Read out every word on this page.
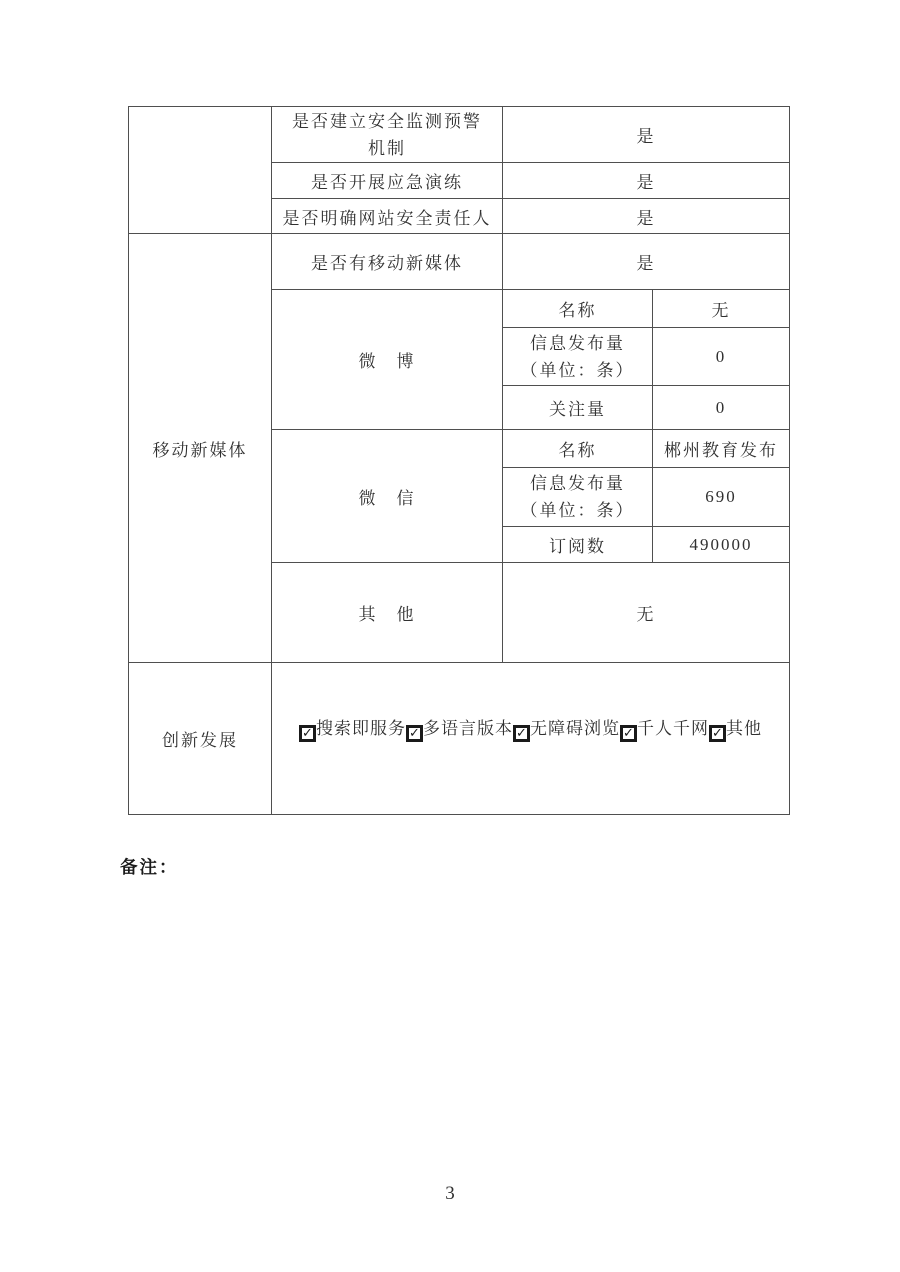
	是否建立安全监测预警
机制	是	
	是否开展应急演练	是	
	是否明确网站安全责任人	是	
移动新媒体	是否有移动新媒体	是	
	微　博	名称	无

		信息发布量
（单位：条）	0
		关注量	0
	微　信	名称	郴州教育发布

		信息发布量
（单位：条）	690
		订阅数	490000
	其　他	无	
创新发展	✓ 搜索即服务 ✓ 多语言版本 ✓ 无障碍浏览 ✓ 千人千网 ✓ 其他
备注：
3
